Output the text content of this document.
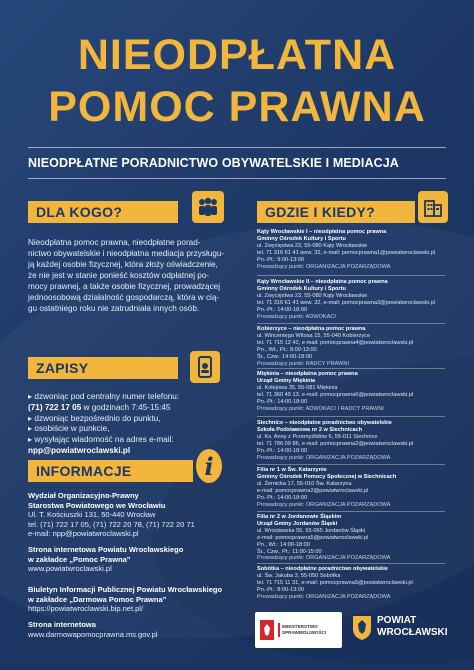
NIEODPŁATNA
POMOC PRAWNA
NIEODPŁATNE PORADNICTWO OBYWATELSKIE I MEDIACJA
DLA KOGO?
Nieodpłatna pomoc prawna, nieodpłatne porad-
nictwo obywatelskie i nieodpłatna mediacja przysługu-
ją każdej osobie fizycznej, która złoży oświadczenie,
że nie jest w stanie ponieść kosztów odpłatnej po-
mocy prawnej, a także osobie fizycznej, prowadzącej
jednoosobową działalność gospodarczą, która w cią-
gu ostatniego roku nie zatrudniała innych osób.
ZAPISY
▸ dzwoniąc pod centralny numer telefonu:
(71) 722 17 05 w godzinach 7:45-15:45
▸ dzwoniąc bezpośrednio do punktu,
▸ osobiście w punkcie,
▸ wysyłając wiadomość na adres e-mail:
npp@powiatwroclawski.pl
INFORMACJE	i
Wydział Organizacyjno-Prawny
Starostwa Powiatowego we Wrocławiu
Ul. T. Kościuszki 131, 50-440 Wrocław
tel. (71) 722 17 05, (71) 722 20 78, (71) 722 20 71
e-mail: npp@powiatwroclawski.pl
Strona internetowa Powiatu Wrocławskiego
w zakładce „Pomoc Prawna”
www.powiatwroclawski.pl
Biuletyn Informacji Publicznej Powiatu Wrocławskiego
w zakładce „Darmowa Pomoc Prawna”
https://powiatwroclawski.bip.net.pl/
Strona internetowa
www.darmowapomocprawna.ms.gov.pl
GDZIE I KIEDY?
Kąty Wrocławskie I – nieodpłatna pomoc prawna
Gminny Ośrodek Kultury i Sportu
ul. Zwycięstwa 23, 55-080 Kąty Wrocławskie
tel. 71 316 61 41 wew. 32, e-mail: pomocprawna1@powiatwroclawski.pl
Pn.-Pt.: 9:00-13:00
Prowadzący punkt: ORGANIZACJA POZARZĄDOWA
Kąty Wrocławskie II – nieodpłatna pomoc prawna
Gminny Ośrodek Kultury i Sportu
ul. Zwycięstwa 23, 55-080 Kąty Wrocławskie
tel. 71 316 61 41 wew. 32, e-mail: pomocprawna3@powiatwroclawski.pl
Pn.-Pt.: 14:00-18:00
Prowadzący punkt: ADWOKACI
Kobierzyce – nieodpłatna pomoc prawna
ul. Wincentego Witosa 15, 55-040 Kobierzyce
tel. 71 715 12 42, e-mail: pomocprawna4@powiatwroclawski.pl
Pn., Wt., Pt.: 8:00-13:00
Śr., Czw.: 14:00-18:00
Prowadzący punkt: RADCY PRAWNI
Miękinia – nieodpłatna pomoc prawna
Urząd Gminy Miękinia
ul. Kolejowa 35, 55-081 Miękinia
tel. 71 360 49 13, e-mail: pomocprawna6@powiatwroclawski.pl
Pn.-Pt.: 14:00-18:00
Prowadzący punkt: ADWOKACI I RADCY PRAWNI
Siechnice – nieodpłatne poradnictwo obywatelskie
Szkoła Podstawowa nr 2 w Siechnicach
ul. Ks. Anny z Przemyślidów 6, 55-011 Siechnice
tel. 71 786 09 86, e-mail: pomocprawna2@powiatwroclawski.pl
Pn.-Pt.: 14:00-18:00
Prowadzący punkt: ORGANIZACJA POZARZĄDOWA
Filia nr 1 w Św. Katarzynie
Gminny Ośrodek Pomocy Społecznej w Siechnicach
ul. Żernicka 17, 55-010 Św. Katarzyna
e-mail: pomocprawna2@powiatwroclawski.pl
Pn.-Pt.: 14:00-18:00
Prowadzący punkt: ORGANIZACJA POZARZĄDOWA
Filia nr 2 w Jordanowie Śląskim
Urząd Gminy Jordanów Śląski
ul. Wrocławska 55, 55-065 Jordanów Śląski
e-mail: pomocprawna5@powiatwroclawski.pl
Pn., Wt.: 14:00-18:00
Śr., Czw., Pt.: 11:00-15:00
Prowadzący punkt: ORGANIZACJA POZARZĄDOWA
Sobótka – nieodpłatne poradnictwo obywatelskie
ul. Św. Jakuba 3, 55-050 Sobótka
tel. 71 715 11 31, e-mail: pomocprawna5@powiatwroclawski.pl
Pn.-Pt.: 8:00-13:00
Prowadzący punkt: ORGANIZACJA POZARZĄDOWA
MINISTERSTWO
SPRAWIEDLIWOŚCI
POWIAT
WROCŁAWSKI
